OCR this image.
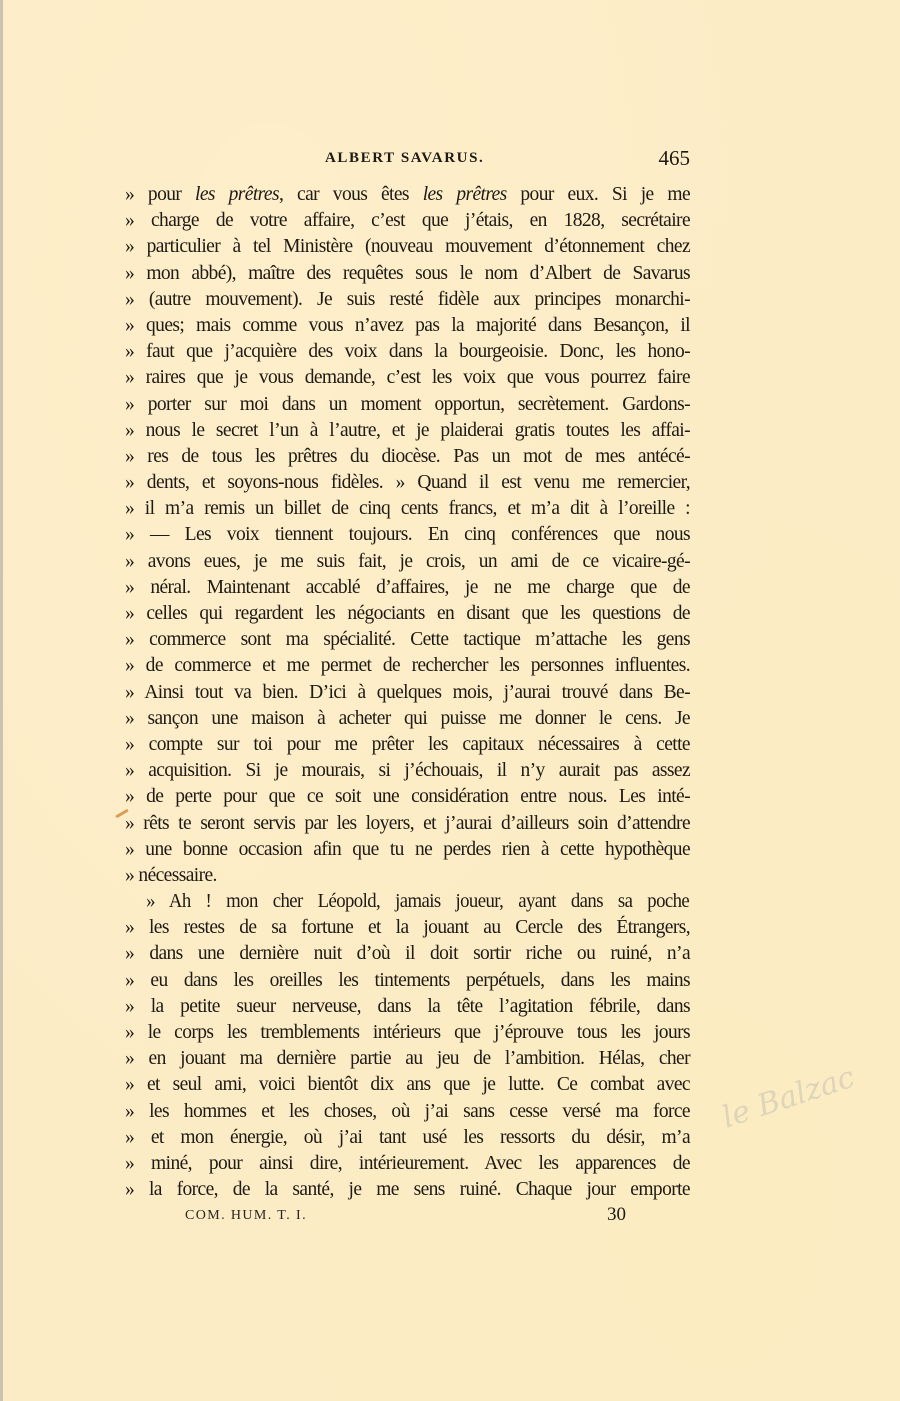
ALBERT SAVARUS.	465
» pour les prêtres, car vous êtes les prêtres pour eux. Si je me
» charge de votre affaire, c’est que j’étais, en 1828, secrétaire
» particulier à tel Ministère (nouveau mouvement d’étonnement chez
» mon abbé), maître des requêtes sous le nom d’Albert de Savarus
» (autre mouvement). Je suis resté fidèle aux principes monarchi-
» ques; mais comme vous n’avez pas la majorité dans Besançon, il
» faut que j’acquière des voix dans la bourgeoisie. Donc, les hono-
» raires que je vous demande, c’est les voix que vous pourrez faire
» porter sur moi dans un moment opportun, secrètement. Gardons-
» nous le secret l’un à l’autre, et je plaiderai gratis toutes les affai-
» res de tous les prêtres du diocèse. Pas un mot de mes antécé-
» dents, et soyons-nous fidèles. » Quand il est venu me remercier,
» il m’a remis un billet de cinq cents francs, et m’a dit à l’oreille :
» — Les voix tiennent toujours. En cinq conférences que nous
» avons eues, je me suis fait, je crois, un ami de ce vicaire-gé-
» néral. Maintenant accablé d’affaires, je ne me charge que de
» celles qui regardent les négociants en disant que les questions de
» commerce sont ma spécialité. Cette tactique m’attache les gens
» de commerce et me permet de rechercher les personnes influentes.
» Ainsi tout va bien. D’ici à quelques mois, j’aurai trouvé dans Be-
» sançon une maison à acheter qui puisse me donner le cens. Je
» compte sur toi pour me prêter les capitaux nécessaires à cette
» acquisition. Si je mourais, si j’échouais, il n’y aurait pas assez
» de perte pour que ce soit une considération entre nous. Les inté-
» rêts te seront servis par les loyers, et j’aurai d’ailleurs soin d’attendre
» une bonne occasion afin que tu ne perdes rien à cette hypothèque
» nécessaire.
» Ah ! mon cher Léopold, jamais joueur, ayant dans sa poche
» les restes de sa fortune et la jouant au Cercle des Étrangers,
» dans une dernière nuit d’où il doit sortir riche ou ruiné, n’a
» eu dans les oreilles les tintements perpétuels, dans les mains
» la petite sueur nerveuse, dans la tête l’agitation fébrile, dans
» le corps les tremblements intérieurs que j’éprouve tous les jours
» en jouant ma dernière partie au jeu de l’ambition. Hélas, cher
» et seul ami, voici bientôt dix ans que je lutte. Ce combat avec
» les hommes et les choses, où j’ai sans cesse versé ma force
» et mon énergie, où j’ai tant usé les ressorts du désir, m’a
» miné, pour ainsi dire, intérieurement. Avec les apparences de
» la force, de la santé, je me sens ruiné. Chaque jour emporte
le Balzac
COM. HUM. T. I.	30
